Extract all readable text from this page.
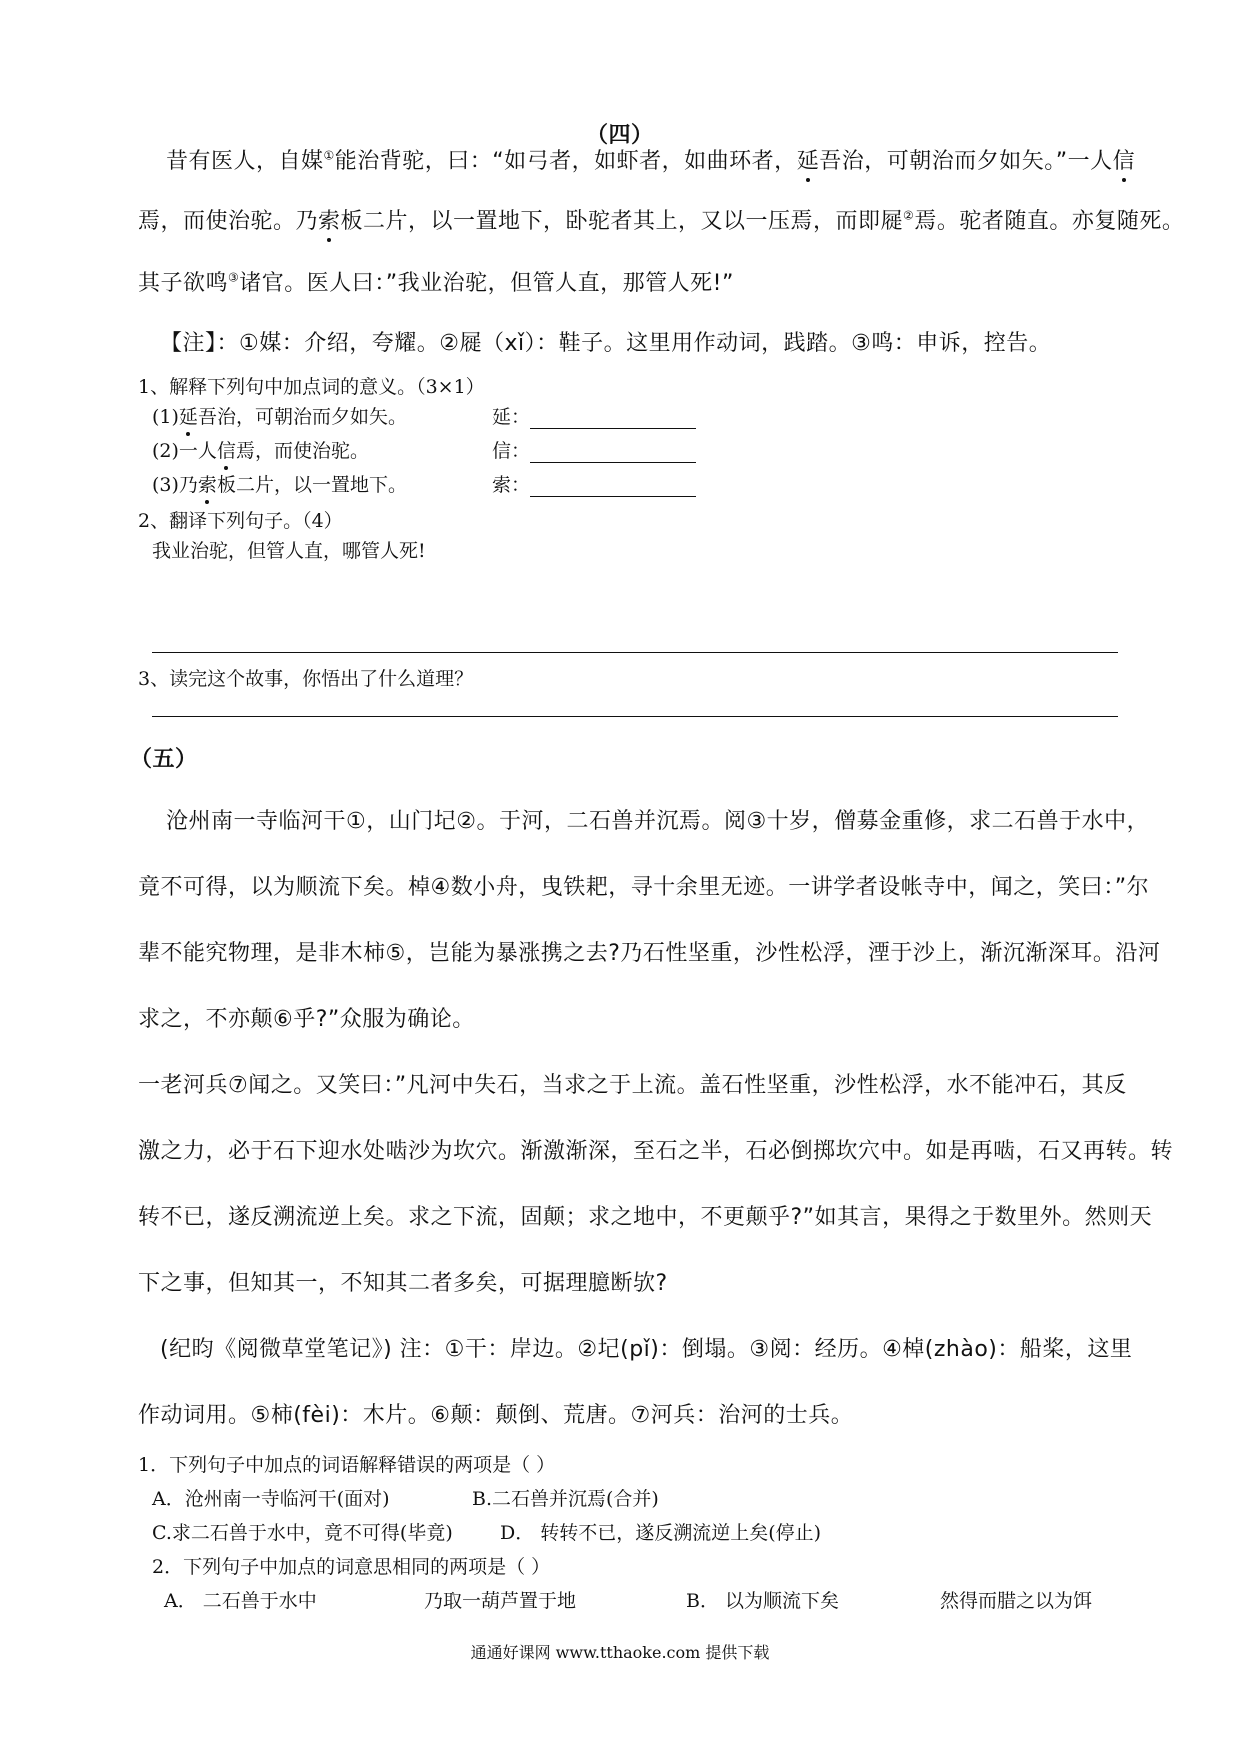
（四）
昔有医人，自媒①能治背驼，曰：“如弓者，如虾者，如曲环者，延吾治，可朝治而夕如矢。”一人信
焉，而使治驼。乃索板二片，以一置地下，卧驼者其上，又以一压焉，而即屣②焉。驼者随直。亦复随死。
其子欲鸣③诸官。医人曰：”我业治驼，但管人直，那管人死!”
【注】：①媒：介绍，夸耀。②屣（xǐ）：鞋子。这里用作动词，践踏。③鸣：申诉，控告。
1、解释下列句中加点词的意义。（3×1）
(1)延吾治，可朝治而夕如矢。	延：
(2)一人信焉，而使治驼。	信：
(3)乃索板二片，以一置地下。	索：
2、翻译下列句子。（4）
我业治驼，但管人直，哪管人死!
3、读完这个故事，你悟出了什么道理？
（五）
沧州南一寺临河干①，山门圮②。于河，二石兽并沉焉。阅③十岁，僧募金重修，求二石兽于水中，
竟不可得，以为顺流下矣。棹④数小舟，曳铁耙，寻十余里无迹。一讲学者设帐寺中，闻之，笑曰：”尔
辈不能究物理，是非木柿⑤，岂能为暴涨携之去?乃石性坚重，沙性松浮，湮于沙上，渐沉渐深耳。沿河
求之，不亦颠⑥乎?”众服为确论。
一老河兵⑦闻之。又笑曰：”凡河中失石，当求之于上流。盖石性坚重，沙性松浮，水不能冲石，其反
激之力，必于石下迎水处啮沙为坎穴。渐激渐深，至石之半，石必倒掷坎穴中。如是再啮，石又再转。转
转不已，遂反溯流逆上矣。求之下流，固颠；求之地中，不更颠乎?”如其言，果得之于数里外。然则天
下之事，但知其一，不知其二者多矣，可据理臆断欤?
(纪昀《阅微草堂笔记》) 注：①干：岸边。②圮(pǐ)：倒塌。③阅：经历。④棹(zhào)：船桨，这里
作动词用。⑤柿(fèi)：木片。⑥颠：颠倒、荒唐。⑦河兵：治河的士兵。
1．下列句子中加点的词语解释错误的两项是（ ）
A．沧州南一寺临河干(面对)	B.二石兽并沉焉(合并)
C.求二石兽于水中，竟不可得(毕竟) D． 转转不已，遂反溯流逆上矣(停止)
2．下列句子中加点的词意思相同的两项是（ ）
A． 二石兽于水中	乃取一葫芦置于地	B． 以为顺流下矣	然得而腊之以为饵
通通好课网 www.tthaoke.com 提供下载
